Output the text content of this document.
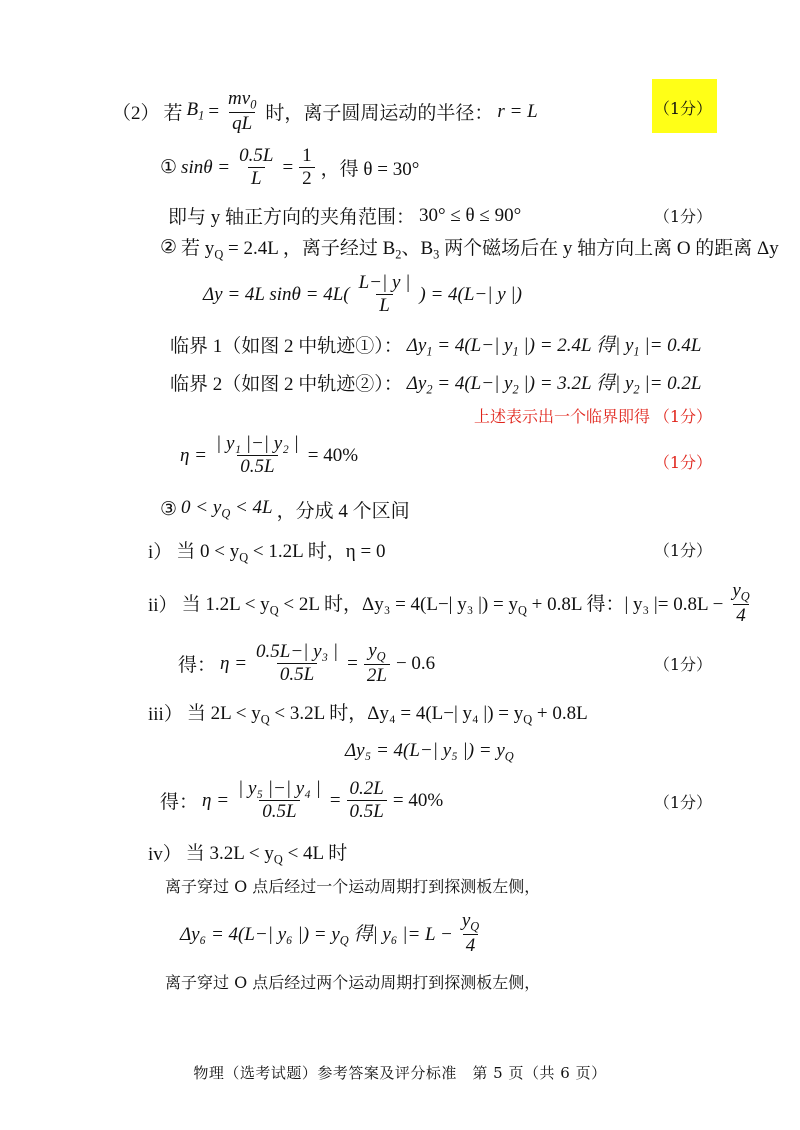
（2） 若 $B_1 = \frac{mv_0}{qL}$ 时，离子圆周运动的半径： r = L	（1分）
① $\sin\theta = \frac{0.5L}{L} = \frac{1}{2}$ ，得 θ = 30°
即与 y 轴正方向的夹角范围： 30° ≤ θ ≤ 90°	（1分）
② 若 $y_Q = 2.4L$ ，离子经过 $B_2$、$B_3$ 两个磁场后在 y 轴方向上离 O 的距离 Δy
Δy = 4L $\sin\theta = 4L( \frac{L-| y |}{L}$ ) = 4(L−| y |)
临界 1（如图 2 中轨迹①）： $\Delta y_1 = 4(L-|$ $y_1$ |) = 2.4L 得| $y_1$ |= 0.4L
临界 2（如图 2 中轨迹②）： $\Delta y_2 = 4(L-|$ $y_2$ |) = 3.2L 得| $y_2$ |= 0.2L
上述表示出一个临界即得 （1分）
$\eta = \frac{\text{| y₁ |−| y₂ |}}{0.5L} = 40\%$	（1分）
③ $0 < y_Q < 4L$ ，分成 4 个区间
i） 当 $0 < y_Q < 1.2L$ 时，η = 0	（1分）
ii） 当 $1.2L < y_Q < 2L$ 时，Δy₃ = 4(L−| y₃ |) = $y_Q + 0.8L$ 得：| y₃ |= $0.8L - \frac{y_Q}{4}$
得： $\eta = \frac{\text{0.5L−| y₃ |}}{0.5L} = \frac{y_Q}{2L} - 0.6$	（1分）
iii） 当 $2L < y_Q < 3.2L$ 时，Δy₄ = 4(L−| y₄ |) = $y_Q + 0.8L$
Δy₅ = 4(L−| y₅ |) = $y_Q$
得： $\eta = \frac{\text{| y₅ |−| y₄ |}}{0.5L} = \frac{0.2L}{0.5L} = 40\%$	（1分）
iv） 当 $3.2L < y_Q < 4L$ 时
离子穿过 O 点后经过一个运动周期打到探测板左侧，
Δy₆ = 4(L−| y₆ |) = $y_Q$ 得| y₆ |= $L - \frac{y_Q}{4}$
离子穿过 O 点后经过两个运动周期打到探测板左侧，
物理（选考试题）参考答案及评分标准　第 5 页（共 6 页）
